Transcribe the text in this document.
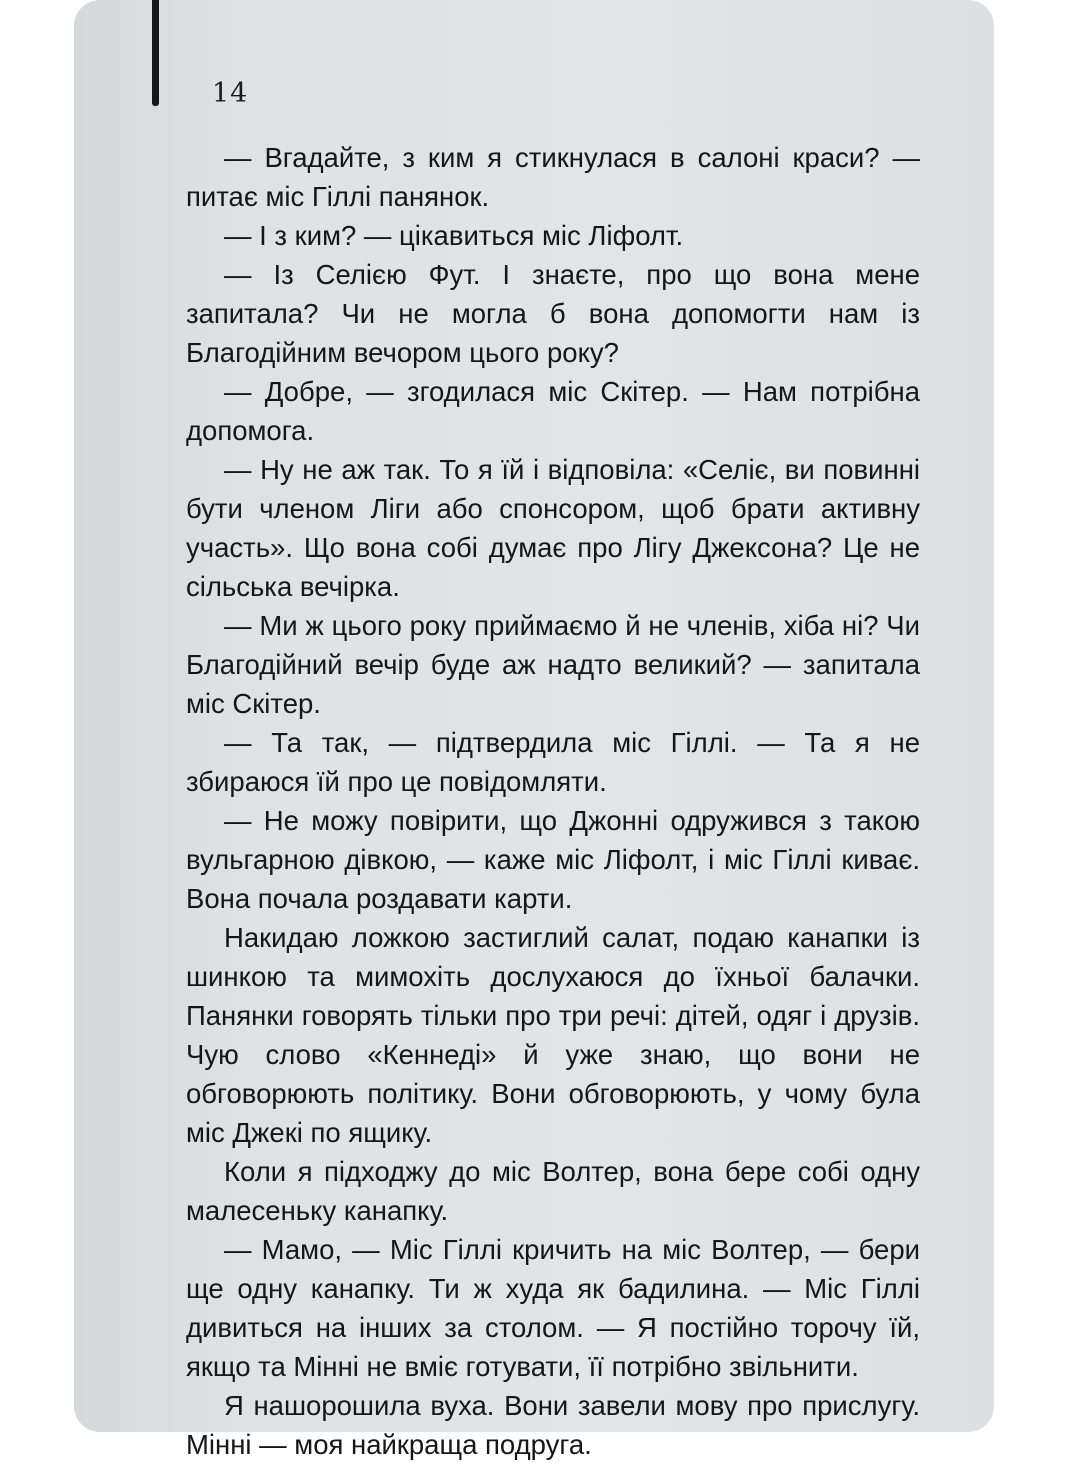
14

— Вгадайте, з ким я стикнулася в салоні краси? — питає міс Гіллі панянок.

— І з ким? — цікавиться міс Ліфолт.

— Із Селією Фут. І знаєте, про що вона мене запитала? Чи не могла б вона допомогти нам із Благодійним вечором цього року?

— Добре, — згодилася міс Скітер. — Нам потрібна допомога.

— Ну не аж так. То я їй і відповіла: «Селіє, ви повинні бути членом Ліги або спонсором, щоб брати активну участь». Що вона собі думає про Лігу Джексона? Це не сільська вечірка.

— Ми ж цього року приймаємо й не членів, хіба ні? Чи Благодійний вечір буде аж надто великий? — запитала міс Скітер.

— Та так, — підтвердила міс Гіллі. — Та я не збираюся їй про це повідомляти.

— Не можу повірити, що Джонні одружився з такою вульгарною дівкою, — каже міс Ліфолт, і міс Гіллі киває. Вона почала роздавати карти.

Накидаю ложкою застиглий салат, подаю канапки із шинкою та мимохіть дослухаюся до їхньої балачки. Панянки говорять тільки про три речі: дітей, одяг і друзів. Чую слово «Кеннеді» й уже знаю, що вони не обговорюють політику. Вони обговорюють, у чому була міс Джекі по ящику.

Коли я підходжу до міс Волтер, вона бере собі одну малесеньку канапку.

— Мамо, — Міс Гіллі кричить на міс Волтер, — бери ще одну канапку. Ти ж худа як бадилина. — Міс Гіллі дивиться на інших за столом. — Я постійно торочу їй, якщо та Мінні не вміє готувати, її потрібно звільнити.

Я нашорошила вуха. Вони завели мову про прислугу. Мінні — моя найкраща подруга.
